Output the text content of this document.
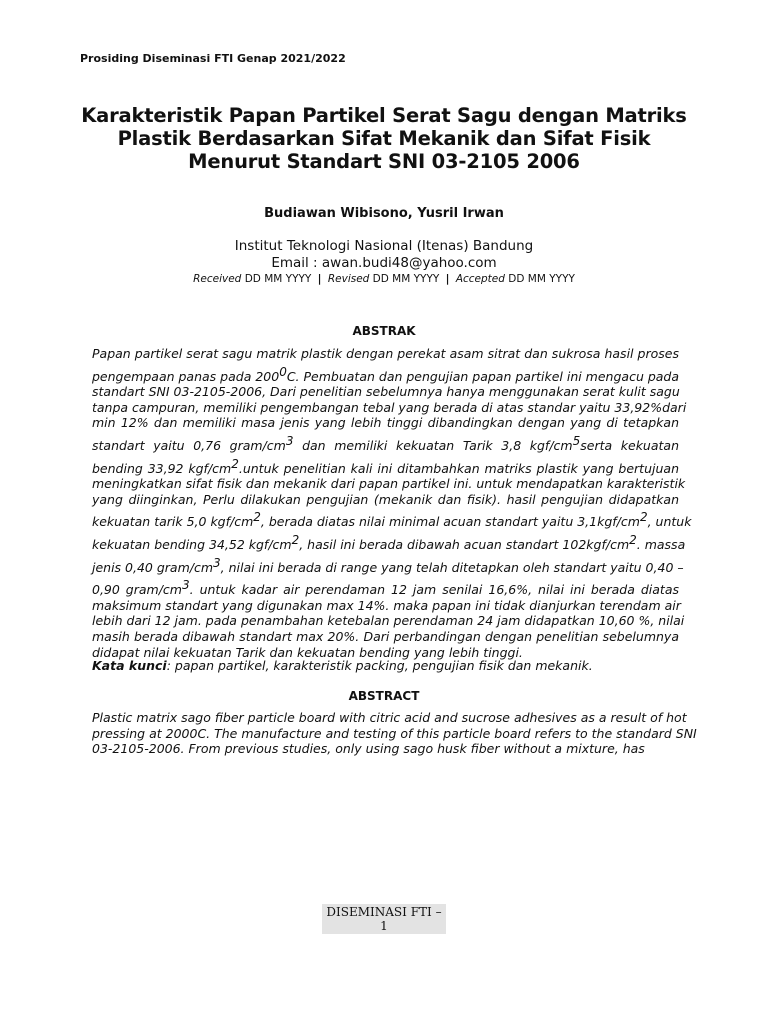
Prosiding Diseminasi FTI Genap 2021/2022
Karakteristik Papan Partikel Serat Sagu dengan Matriks
Plastik Berdasarkan Sifat Mekanik dan Sifat Fisik
Menurut Standart SNI 03-2105 2006
Budiawan Wibisono, Yusril Irwan
Institut Teknologi Nasional (Itenas) Bandung
Email : awan.budi48@yahoo.com
Received DD MM YYYY | Revised DD MM YYYY | Accepted DD MM YYYY
ABSTRAK
Papan partikel serat sagu matrik plastik dengan perekat asam sitrat dan sukrosa hasil proses
pengempaan panas pada $200^0C$. Pembuatan dan pengujian papan partikel ini mengacu pada
standart SNI 03-2105-2006, Dari penelitian sebelumnya hanya menggunakan serat kulit sagu
tanpa campuran, memiliki pengembangan tebal yang berada di atas standar yaitu 33,92%dari
min 12% dan memiliki masa jenis yang lebih tinggi dibandingkan dengan yang di tetapkan
standart yaitu 0,76 gram/$cm^3$ dan memiliki kekuatan Tarik 3,8 kgf/$cm^5serta$ kekuatan
bending 33,92 kgf/$cm^2.untuk$ penelitian kali ini ditambahkan matriks plastik yang bertujuan
meningkatkan sifat fisik dan mekanik dari papan partikel ini. untuk mendapatkan karakteristik
yang diinginkan, Perlu dilakukan pengujian (mekanik dan fisik). hasil pengujian didapatkan
kekuatan tarik 5,0 kgf/$cm^2$, berada diatas nilai minimal acuan standart yaitu $3,1kgf/cm^2$, untuk
kekuatan bending 34,52 kgf/$cm^2$, hasil ini berada dibawah acuan standart $102kgf/cm^2$. massa
jenis 0,40 gram/$cm^3$, nilai ini berada di range yang telah ditetapkan oleh standart yaitu 0,40 –
0,90 gram/$cm^3$. untuk kadar air perendaman 12 jam senilai 16,6%, nilai ini berada diatas
maksimum standart yang digunakan max 14%. maka papan ini tidak dianjurkan terendam air
lebih dari 12 jam. pada penambahan ketebalan perendaman 24 jam didapatkan 10,60 %, nilai
masih berada dibawah standart max 20%. Dari perbandingan dengan penelitian sebelumnya
didapat nilai kekuatan Tarik dan kekuatan bending yang lebih tinggi.
Kata kunci: papan partikel, karakteristik packing, pengujian fisik dan mekanik.
ABSTRACT
Plastic matrix sago fiber particle board with citric acid and sucrose adhesives as a result of hot
pressing at 2000C. The manufacture and testing of this particle board refers to the standard SNI
03-2105-2006. From previous studies, only using sago husk fiber without a mixture, has
DISEMINASI FTI – 1
